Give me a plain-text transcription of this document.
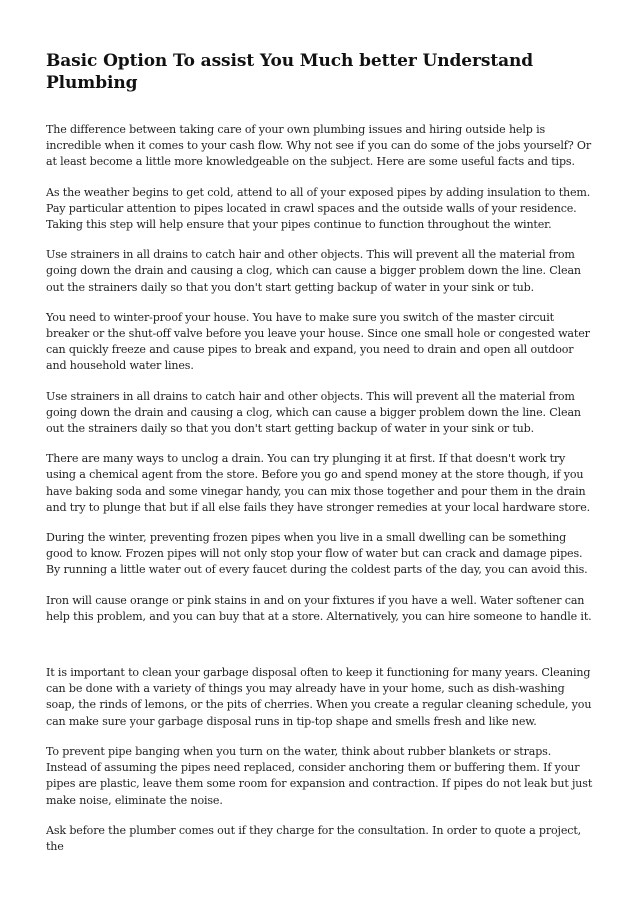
Basic Option To assist You Much better Understand Plumbing

The difference between taking care of your own plumbing issues and hiring outside help is incredible when it comes to your cash flow. Why not see if you can do some of the jobs yourself? Or at least become a little more knowledgeable on the subject. Here are some useful facts and tips.

As the weather begins to get cold, attend to all of your exposed pipes by adding insulation to them. Pay particular attention to pipes located in crawl spaces and the outside walls of your residence. Taking this step will help ensure that your pipes continue to function throughout the winter.

Use strainers in all drains to catch hair and other objects. This will prevent all the material from going down the drain and causing a clog, which can cause a bigger problem down the line. Clean out the strainers daily so that you don't start getting backup of water in your sink or tub.

You need to winter-proof your house. You have to make sure you switch of the master circuit breaker or the shut-off valve before you leave your house. Since one small hole or congested water can quickly freeze and cause pipes to break and expand, you need to drain and open all outdoor and household water lines.

Use strainers in all drains to catch hair and other objects. This will prevent all the material from going down the drain and causing a clog, which can cause a bigger problem down the line. Clean out the strainers daily so that you don't start getting backup of water in your sink or tub.

There are many ways to unclog a drain. You can try plunging it at first. If that doesn't work try using a chemical agent from the store. Before you go and spend money at the store though, if you have baking soda and some vinegar handy, you can mix those together and pour them in the drain and try to plunge that but if all else fails they have stronger remedies at your local hardware store.

During the winter, preventing frozen pipes when you live in a small dwelling can be something good to know. Frozen pipes will not only stop your flow of water but can crack and damage pipes. By running a little water out of every faucet during the coldest parts of the day, you can avoid this.

Iron will cause orange or pink stains in and on your fixtures if you have a well. Water softener can help this problem, and you can buy that at a store. Alternatively, you can hire someone to handle it.

It is important to clean your garbage disposal often to keep it functioning for many years. Cleaning can be done with a variety of things you may already have in your home, such as dish-washing soap, the rinds of lemons, or the pits of cherries. When you create a regular cleaning schedule, you can make sure your garbage disposal runs in tip-top shape and smells fresh and like new.

To prevent pipe banging when you turn on the water, think about rubber blankets or straps. Instead of assuming the pipes need replaced, consider anchoring them or buffering them. If your pipes are plastic, leave them some room for expansion and contraction. If pipes do not leak but just make noise, eliminate the noise.

Ask before the plumber comes out if they charge for the consultation. In order to quote a project, the
